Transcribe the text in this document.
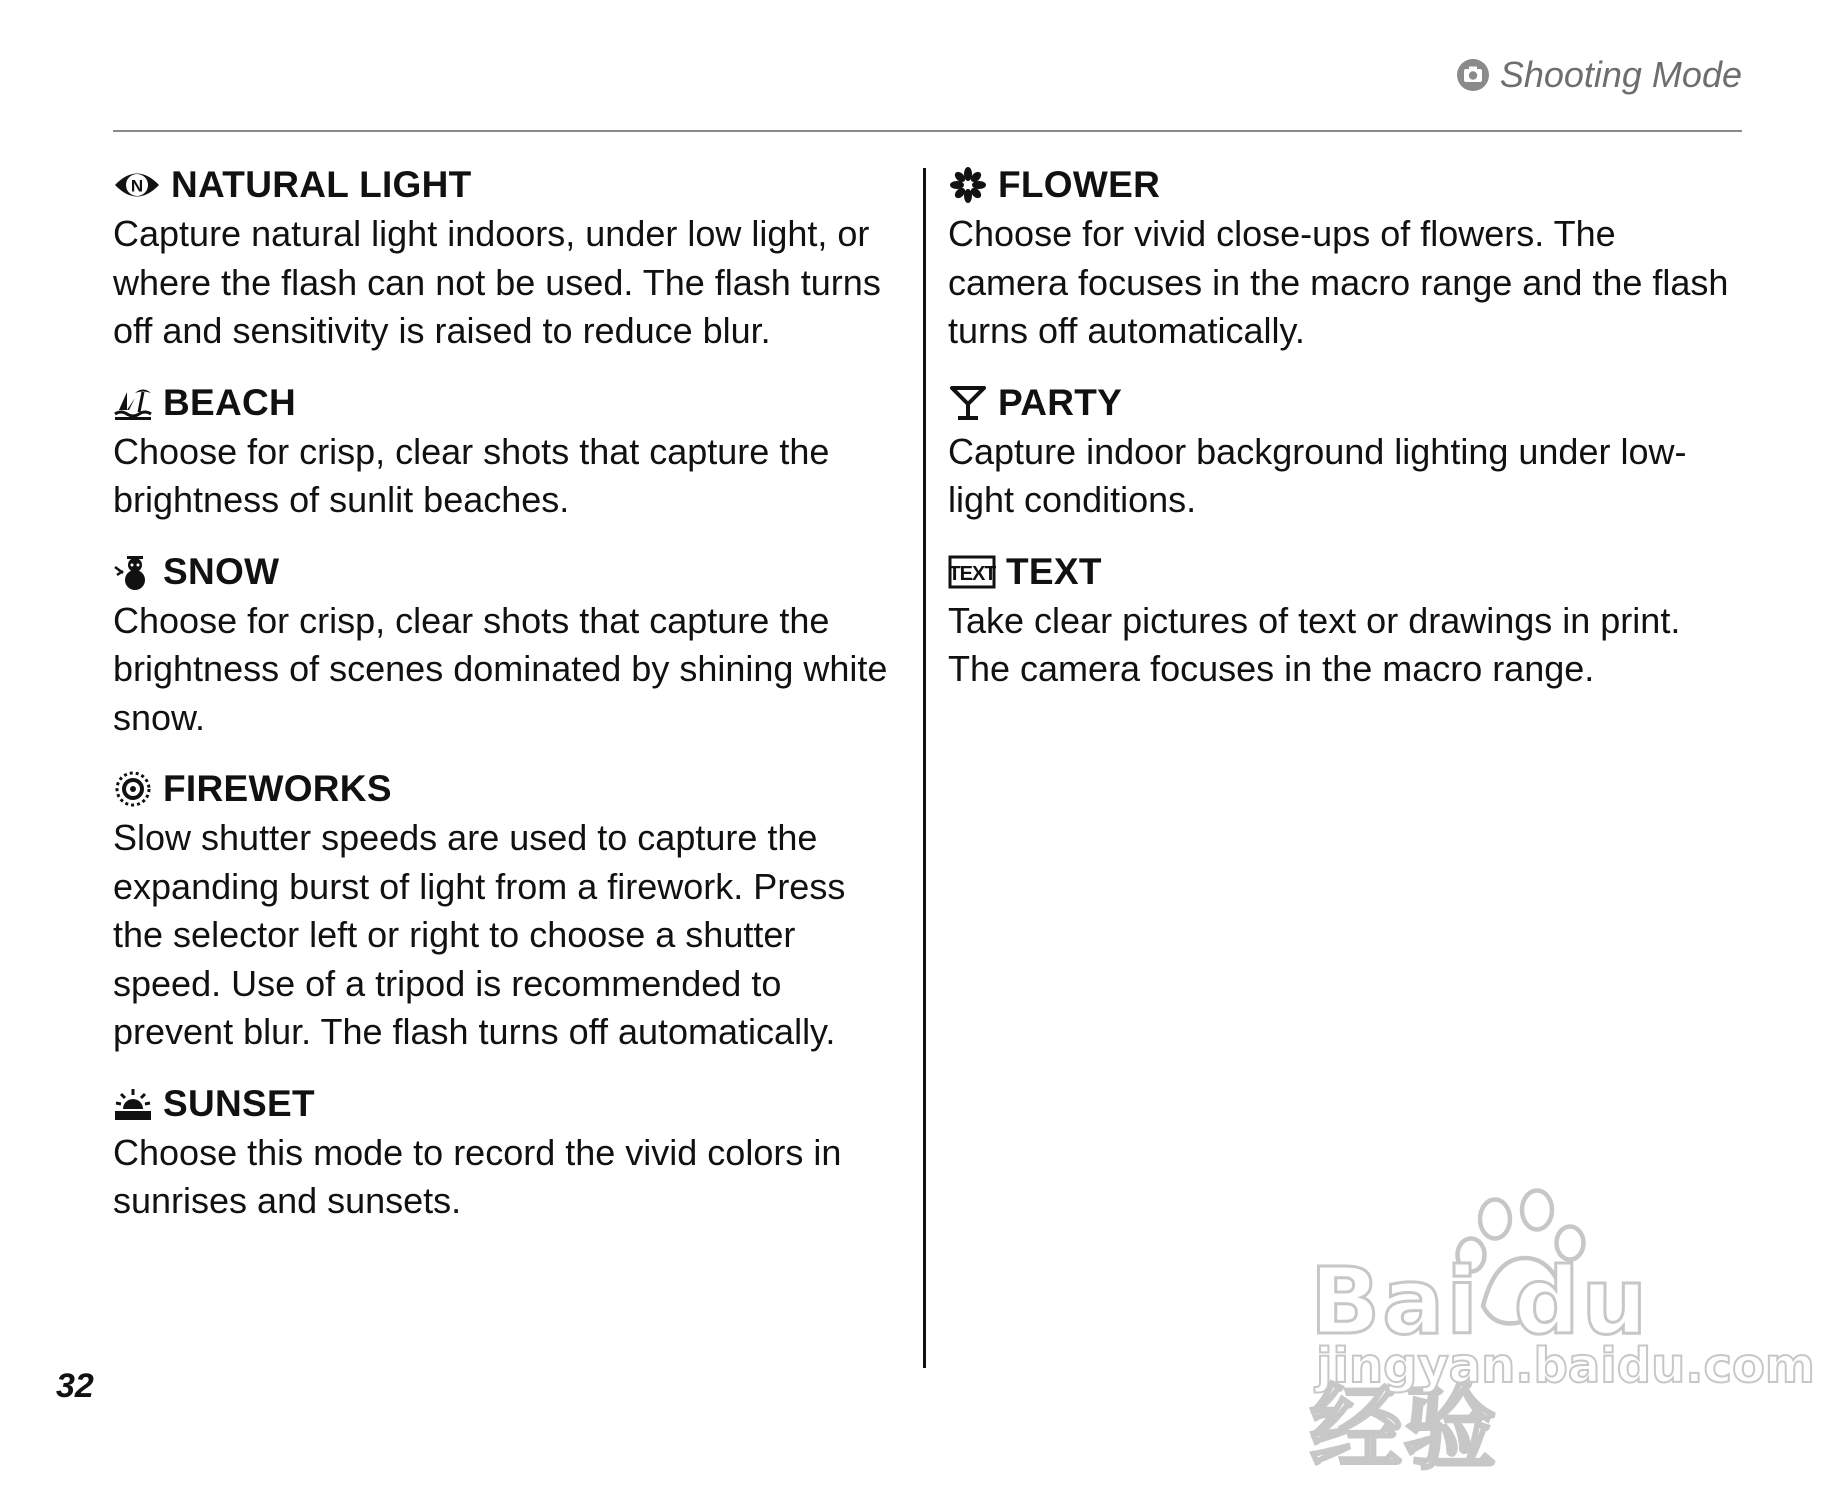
Shooting Mode
N NATURAL LIGHT
Capture natural light indoors, under low light, or
where the flash can not be used. The flash turns
off and sensitivity is raised to reduce blur.
BEACH
Choose for crisp, clear shots that capture the
brightness of sunlit beaches.
SNOW
Choose for crisp, clear shots that capture the
brightness of scenes dominated by shining white
snow.
FIREWORKS
Slow shutter speeds are used to capture the
expanding burst of light from a firework. Press
the selector left or right to choose a shutter
speed. Use of a tripod is recommended to
prevent blur. The flash turns off automatically.
SUNSET
Choose this mode to record the vivid colors in
sunrises and sunsets.
FLOWER
Choose for vivid close-ups of flowers. The
camera focuses in the macro range and the flash
turns off automatically.
PARTY
Capture indoor background lighting under low-
light conditions.
TEXT TEXT
Take clear pictures of text or drawings in print.
The camera focuses in the macro range.
32
Bai du 经验
jingyan.baidu.com
